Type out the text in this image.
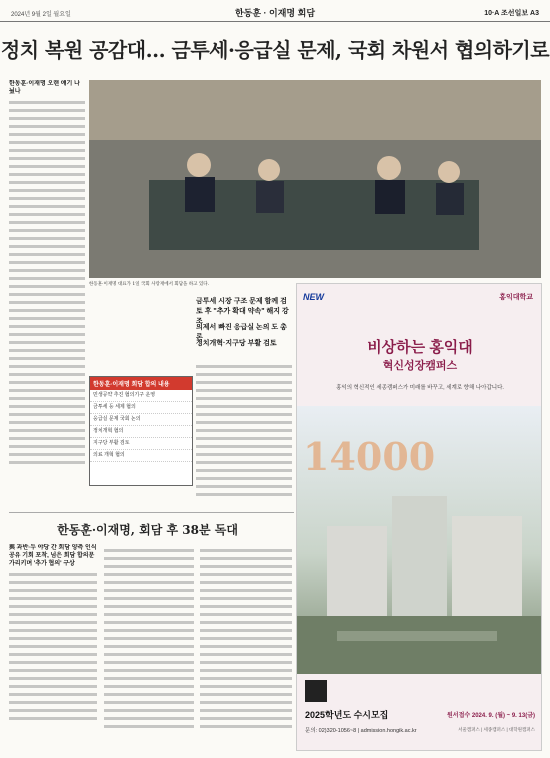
2024년 9월 2일 월요일	한동훈 · 이재명 회담	10·A 조선일보 A3
정치 복원 공감대… 금투세·응급실 문제, 국회 차원서 협의하기로
한동훈·이재명 오랜 얘기 나눴나
한동훈·이재명 대표가 1일 국회 사랑재에서 회담을 하고 있다.
금투세 시장 구조 문제 함께 검토 후 "추가 확대 약속" 해지 강조
의제서 빠진 응급실 논의 도 총론
정치개혁·지구당 부활 검토
한동훈·이재명 회담 합의 내용
민생공약 추진 협의기구 운영
금투세 등 세제 협의
응급실 문제 국회 논의
정치개혁 협의
지구당 부활 검토
의료 개혁 협의
한동훈·이재명, 회담 후 38분 독대
與 과반·두 야당 간 회담 양측 인식 공유 기회 포착, 넘은 회담 합의문 가리키며 '추가 협의' 구상
NEW	홍익대학교
비상하는 홍익대
혁신성장캠퍼스
홍익의 혁신적인 세종캠퍼스가 미래를 바꾸고, 세계로 향해 나아갑니다.
14000
2025학년도 수시모집	원서접수 2024. 9. (월) ~ 9. 13(금)
문의: 02)320-1056~8 | admission.hongik.ac.kr	서울캠퍼스 | 세종캠퍼스 | 대학원캠퍼스
